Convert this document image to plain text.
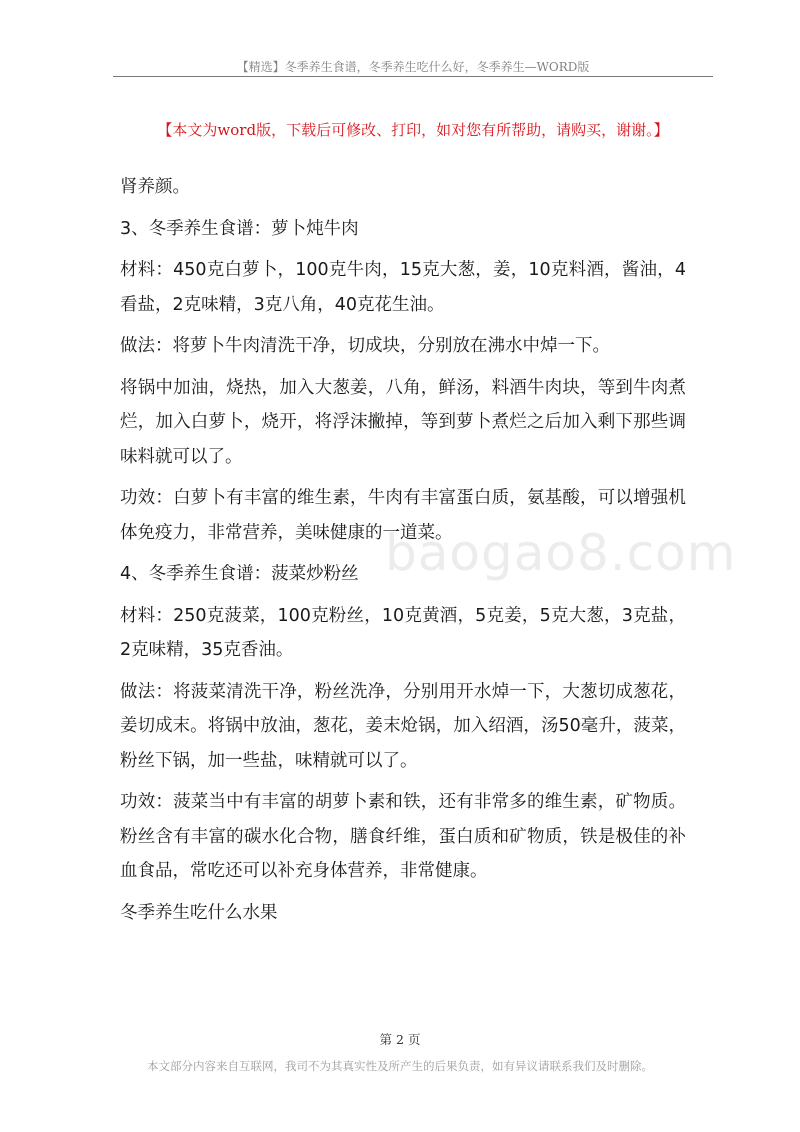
【精选】冬季养生食谱，冬季养生吃什么好，冬季养生—WORD版
【本文为word版，下载后可修改、打印，如对您有所帮助，请购买，谢谢。】
baogao8.com

肾养颜。

3、冬季养生食谱：萝卜炖牛肉

材料：450克白萝卜，100克牛肉，15克大葱，姜，10克料酒，酱油，4看盐，2克味精，3克八角，40克花生油。

做法：将萝卜牛肉清洗干净，切成块，分别放在沸水中焯一下。

将锅中加油，烧热，加入大葱姜，八角，鲜汤，料酒牛肉块，等到牛肉煮烂，加入白萝卜，烧开，将浮沫撇掉，等到萝卜煮烂之后加入剩下那些调味料就可以了。

功效：白萝卜有丰富的维生素，牛肉有丰富蛋白质，氨基酸，可以增强机体免疫力，非常营养，美味健康的一道菜。

4、冬季养生食谱：菠菜炒粉丝

材料：250克菠菜，100克粉丝，10克黄酒，5克姜，5克大葱，3克盐，2克味精，35克香油。

做法：将菠菜清洗干净，粉丝洗净，分别用开水焯一下，大葱切成葱花，姜切成末。将锅中放油，葱花，姜末炝锅，加入绍酒，汤50毫升，菠菜，粉丝下锅，加一些盐，味精就可以了。

功效：菠菜当中有丰富的胡萝卜素和铁，还有非常多的维生素，矿物质。粉丝含有丰富的碳水化合物，膳食纤维，蛋白质和矿物质，铁是极佳的补血食品，常吃还可以补充身体营养，非常健康。

冬季养生吃什么水果

第 2 页
本文部分内容来自互联网，我司不为其真实性及所产生的后果负责，如有异议请联系我们及时删除。
